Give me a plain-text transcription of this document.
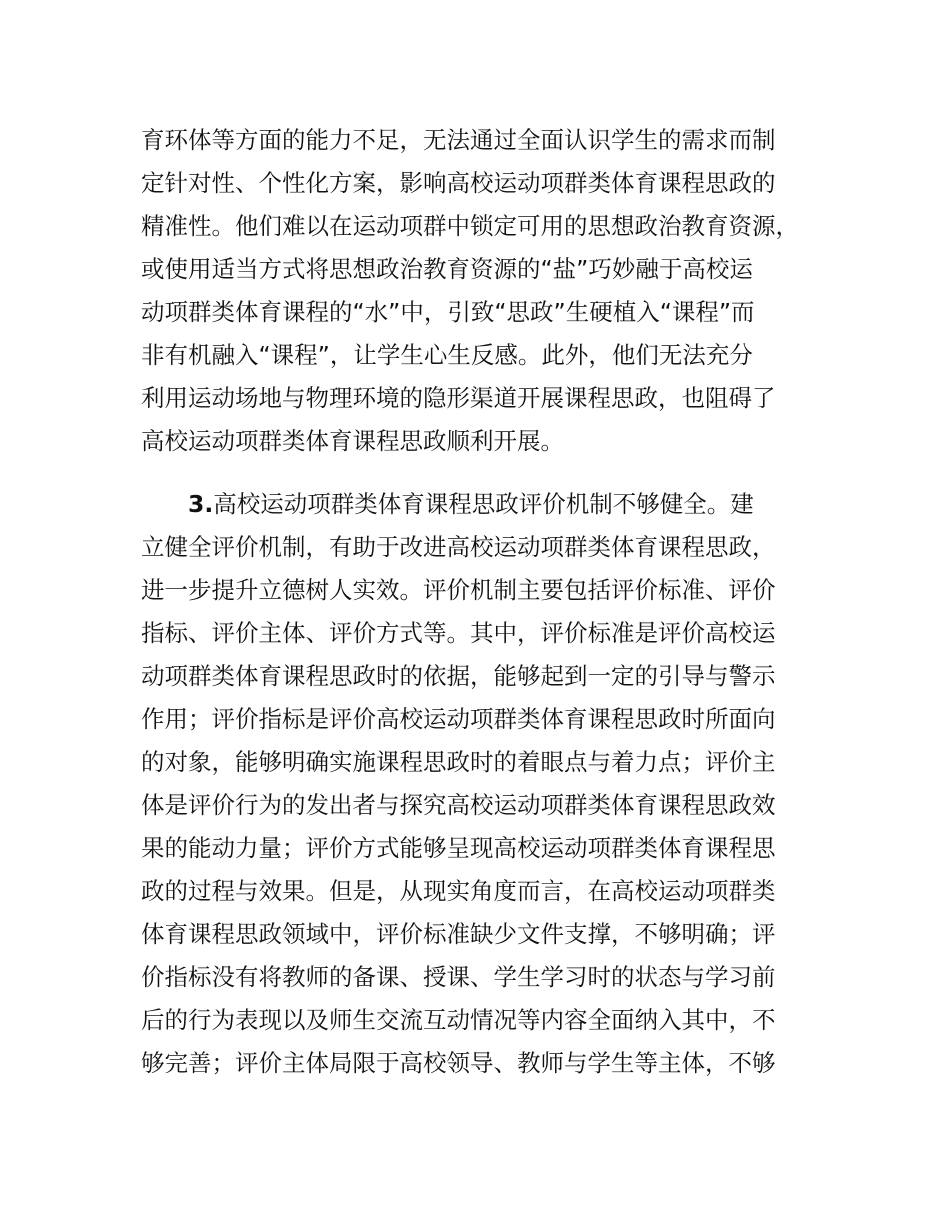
育环体等方面的能力不足，无法通过全面认识学生的需求而制
定针对性、个性化方案，影响高校运动项群类体育课程思政的
精准性。他们难以在运动项群中锁定可用的思想政治教育资源，
或使用适当方式将思想政治教育资源的“盐”巧妙融于高校运
动项群类体育课程的“水”中，引致“思政”生硬植入“课程”而
非有机融入“课程”，让学生心生反感。此外，他们无法充分
利用运动场地与物理环境的隐形渠道开展课程思政，也阻碍了
高校运动项群类体育课程思政顺利开展。
3.高校运动项群类体育课程思政评价机制不够健全。建
立健全评价机制，有助于改进高校运动项群类体育课程思政，
进一步提升立德树人实效。评价机制主要包括评价标准、评价
指标、评价主体、评价方式等。其中，评价标准是评价高校运
动项群类体育课程思政时的依据，能够起到一定的引导与警示
作用；评价指标是评价高校运动项群类体育课程思政时所面向
的对象，能够明确实施课程思政时的着眼点与着力点；评价主
体是评价行为的发出者与探究高校运动项群类体育课程思政效
果的能动力量；评价方式能够呈现高校运动项群类体育课程思
政的过程与效果。但是，从现实角度而言，在高校运动项群类
体育课程思政领域中，评价标准缺少文件支撑，不够明确；评
价指标没有将教师的备课、授课、学生学习时的状态与学习前
后的行为表现以及师生交流互动情况等内容全面纳入其中，不
够完善；评价主体局限于高校领导、教师与学生等主体，不够
